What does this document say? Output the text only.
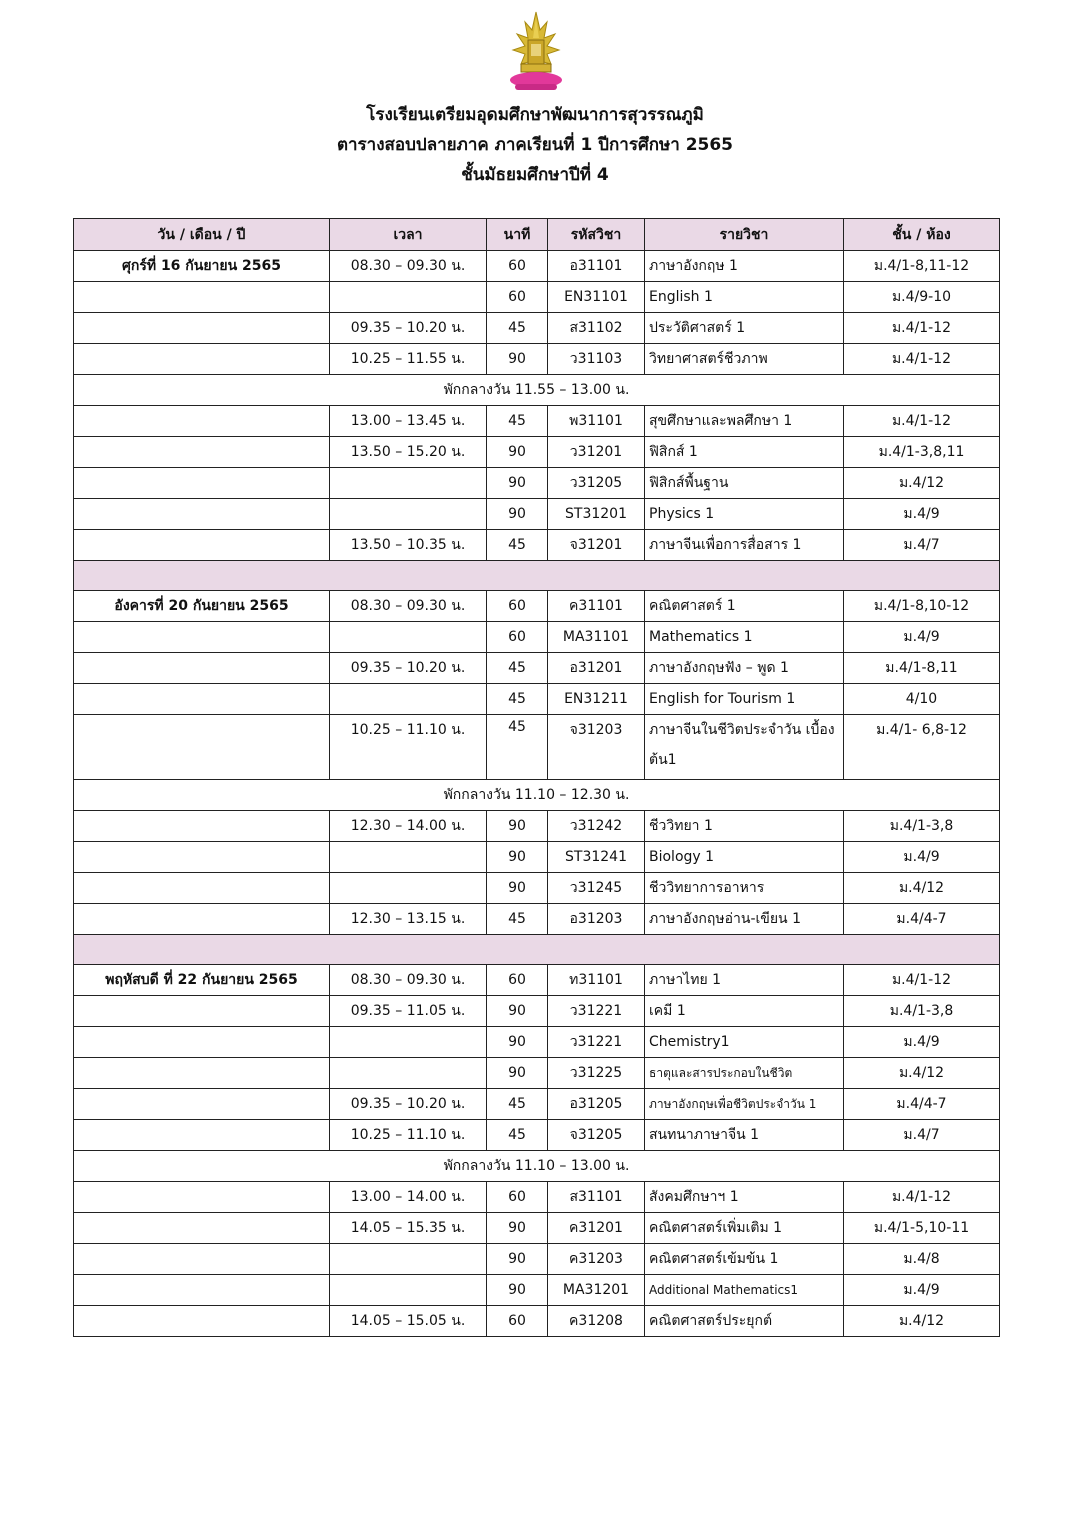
โรงเรียนเตรียมอุดมศึกษาพัฒนาการสุวรรณภูมิ
ตารางสอบปลายภาค ภาคเรียนที่ 1 ปีการศึกษา 2565
ชั้นมัธยมศึกษาปีที่ 4
วัน / เดือน / ปี	เวลา	นาที	รหัสวิชา	รายวิชา	ชั้น / ห้อง
ศุกร์ที่ 16 กันยายน 2565	08.30 – 09.30 น.	60	อ31101	ภาษาอังกฤษ 1	ม.4/1-8,11-12
		60	EN31101	English 1	ม.4/9-10
	09.35 – 10.20 น.	45	ส31102	ประวัติศาสตร์ 1	ม.4/1-12
	10.25 – 11.55 น.	90	ว31103	วิทยาศาสตร์ชีวภาพ	ม.4/1-12
พักกลางวัน 11.55 – 13.00 น.					
	13.00 – 13.45 น.	45	พ31101	สุขศึกษาและพลศึกษา 1	ม.4/1-12
	13.50 – 15.20 น.	90	ว31201	ฟิสิกส์ 1	ม.4/1-3,8,11
		90	ว31205	ฟิสิกส์พื้นฐาน	ม.4/12
		90	ST31201	Physics 1	ม.4/9
	13.50 – 10.35 น.	45	จ31201	ภาษาจีนเพื่อการสื่อสาร 1	ม.4/7

อังคารที่ 20 กันยายน 2565	08.30 – 09.30 น.	60	ค31101	คณิตศาสตร์ 1	ม.4/1-8,10-12
		60	MA31101	Mathematics 1	ม.4/9
	09.35 – 10.20 น.	45	อ31201	ภาษาอังกฤษฟัง – พูด 1	ม.4/1-8,11
		45	EN31211	English for Tourism 1	4/10
	10.25 – 11.10 น.	45	จ31203	ภาษาจีนในชีวิตประจำวัน เบื้องต้น1	ม.4/1- 6,8-12
พักกลางวัน 11.10 – 12.30 น.					
	12.30 – 14.00 น.	90	ว31242	ชีววิทยา 1	ม.4/1-3,8
		90	ST31241	Biology 1	ม.4/9
		90	ว31245	ชีววิทยาการอาหาร	ม.4/12
	12.30 – 13.15 น.	45	อ31203	ภาษาอังกฤษอ่าน-เขียน 1	ม.4/4-7

พฤหัสบดี ที่ 22 กันยายน 2565	08.30 – 09.30 น.	60	ท31101	ภาษาไทย 1	ม.4/1-12
	09.35 – 11.05 น.	90	ว31221	เคมี 1	ม.4/1-3,8
		90	ว31221	Chemistry1	ม.4/9
		90	ว31225	ธาตุและสารประกอบในชีวิต	ม.4/12
	09.35 – 10.20 น.	45	อ31205	ภาษาอังกฤษเพื่อชีวิตประจำวัน 1	ม.4/4-7
	10.25 – 11.10 น.	45	จ31205	สนทนาภาษาจีน 1	ม.4/7
พักกลางวัน 11.10 – 13.00 น.					
	13.00 – 14.00 น.	60	ส31101	สังคมศึกษาฯ 1	ม.4/1-12
	14.05 – 15.35 น.	90	ค31201	คณิตศาสตร์เพิ่มเติม 1	ม.4/1-5,10-11
		90	ค31203	คณิตศาสตร์เข้มข้น 1	ม.4/8
		90	MA31201	Additional Mathematics1	ม.4/9
	14.05 – 15.05 น.	60	ค31208	คณิตศาสตร์ประยุกต์	ม.4/12
